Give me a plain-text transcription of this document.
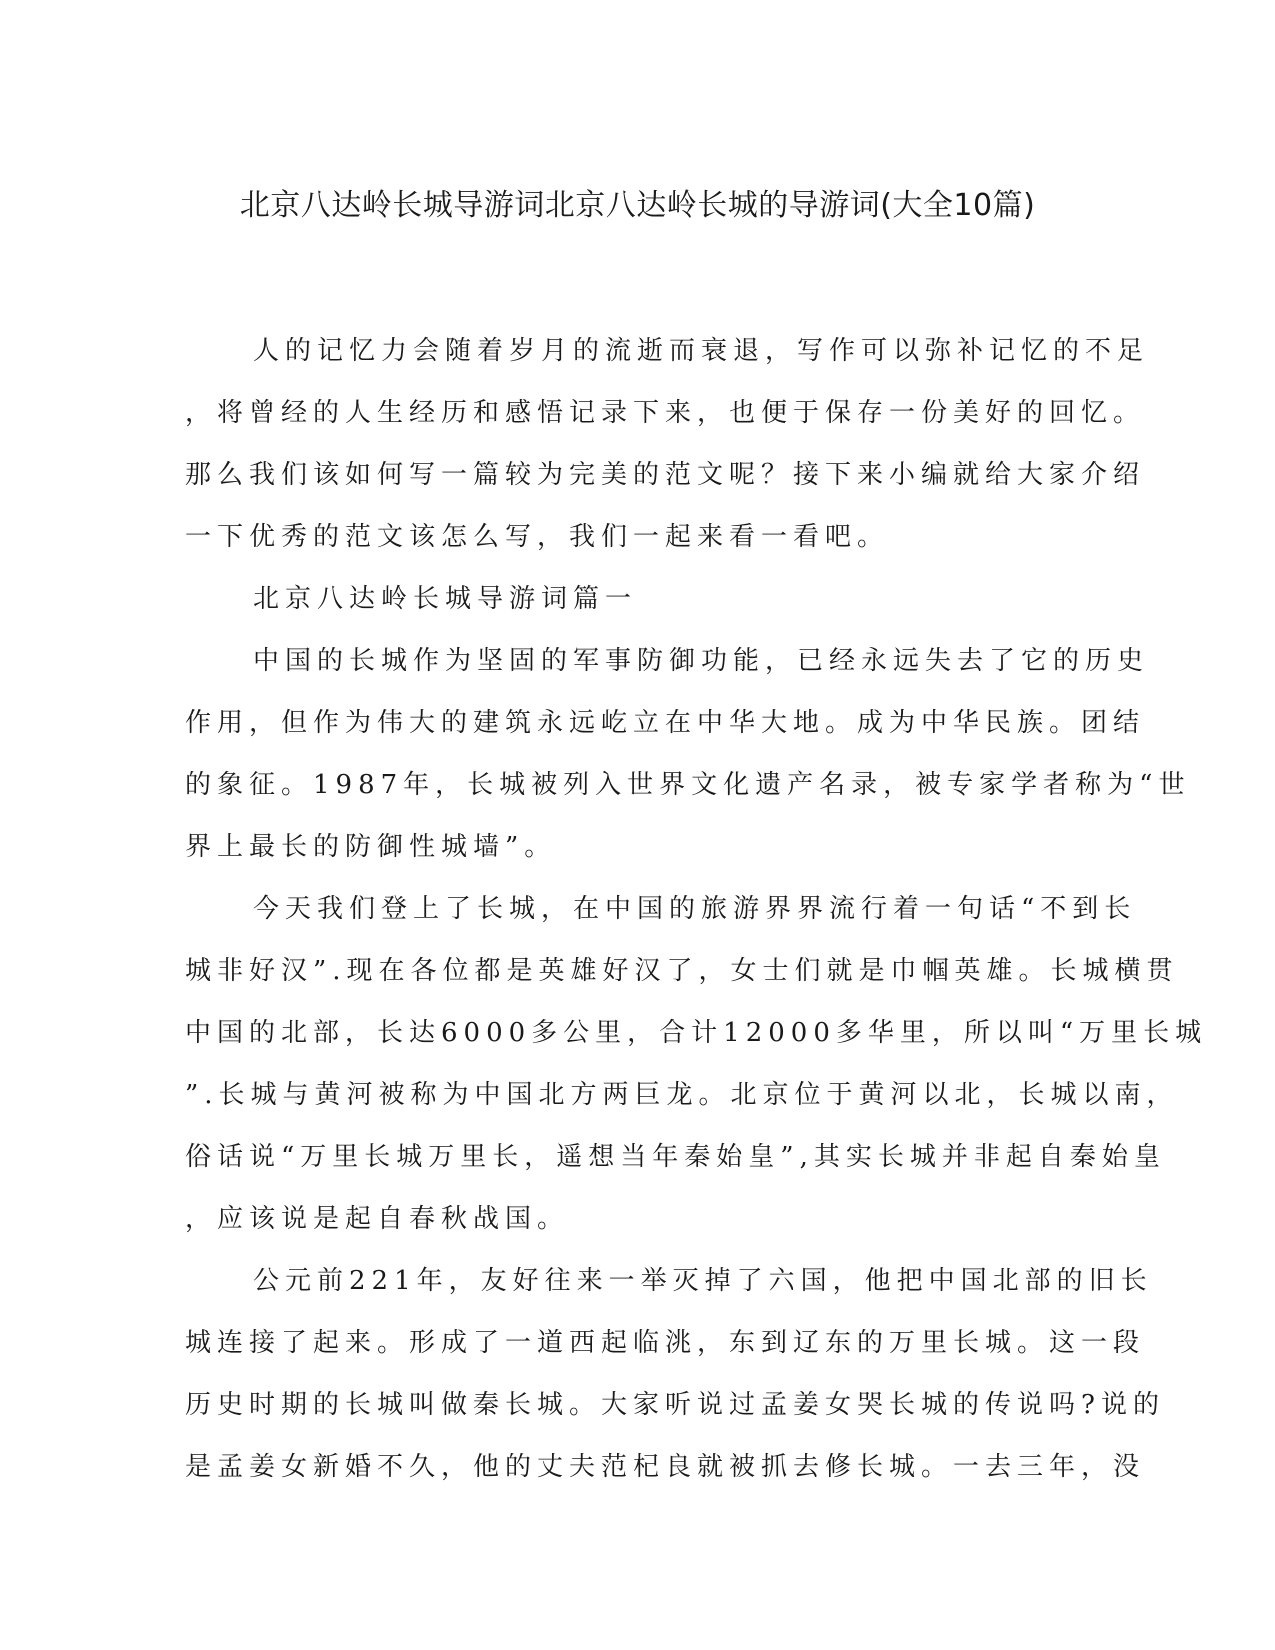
北京八达岭长城导游词北京八达岭长城的导游词(大全10篇)
人的记忆力会随着岁月的流逝而衰退，写作可以弥补记忆的不足
，将曾经的人生经历和感悟记录下来，也便于保存一份美好的回忆。
那么我们该如何写一篇较为完美的范文呢？接下来小编就给大家介绍
一下优秀的范文该怎么写，我们一起来看一看吧。
北京八达岭长城导游词篇一
中国的长城作为坚固的军事防御功能，已经永远失去了它的历史
作用，但作为伟大的建筑永远屹立在中华大地。成为中华民族。团结
的象征。1987年，长城被列入世界文化遗产名录，被专家学者称为“世
界上最长的防御性城墙”。
今天我们登上了长城，在中国的旅游界界流行着一句话“不到长
城非好汉”.现在各位都是英雄好汉了，女士们就是巾帼英雄。长城横贯
中国的北部，长达6000多公里，合计12000多华里，所以叫“万里长城
”.长城与黄河被称为中国北方两巨龙。北京位于黄河以北，长城以南，
俗话说“万里长城万里长，遥想当年秦始皇”,其实长城并非起自秦始皇
，应该说是起自春秋战国。
公元前221年，友好往来一举灭掉了六国，他把中国北部的旧长
城连接了起来。形成了一道西起临洮，东到辽东的万里长城。这一段
历史时期的长城叫做秦长城。大家听说过孟姜女哭长城的传说吗?说的
是孟姜女新婚不久，他的丈夫范杞良就被抓去修长城。一去三年，没
